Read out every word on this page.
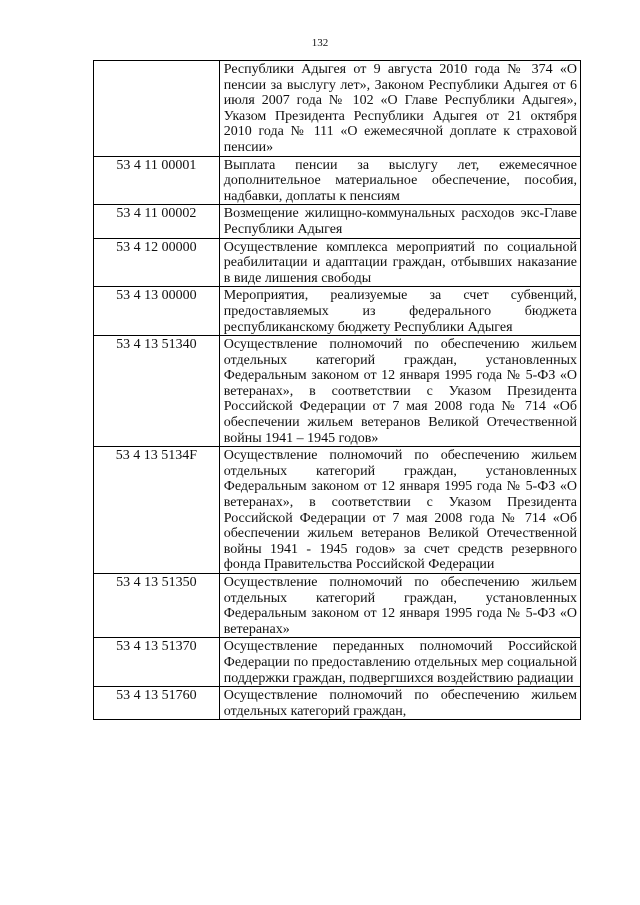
132
	Республики Адыгея от 9 августа 2010 года № 374 «О пенсии за выслугу лет», Законом Республики Адыгея от 6 июля 2007 года № 102 «О Главе Республики Адыгея», Указом Президента Республики Адыгея от 21 октября 2010 года № 111 «О ежемесячной доплате к страховой пенсии»
53 4 11 00001	Выплата пенсии за выслугу лет, ежемесячное дополнительное материальное обеспечение, пособия, надбавки, доплаты к пенсиям
53 4 11 00002	Возмещение жилищно-коммунальных расходов экс-Главе Республики Адыгея
53 4 12 00000	Осуществление комплекса мероприятий по социальной реабилитации и адаптации граждан, отбывших наказание в виде лишения свободы
53 4 13 00000	Мероприятия, реализуемые за счет субвенций, предоставляемых из федерального бюджета республиканскому бюджету Республики Адыгея
53 4 13 51340	Осуществление полномочий по обеспечению жильем отдельных категорий граждан, установленных Федеральным законом от 12 января 1995 года № 5-ФЗ «О ветеранах», в соответствии с Указом Президента Российской Федерации от 7 мая 2008 года № 714 «Об обеспечении жильем ветеранов Великой Отечественной войны 1941 – 1945 годов»
53 4 13 5134F	Осуществление полномочий по обеспечению жильем отдельных категорий граждан, установленных Федеральным законом от 12 января 1995 года № 5-ФЗ «О ветеранах», в соответствии с Указом Президента Российской Федерации от 7 мая 2008 года № 714 «Об обеспечении жильем ветеранов Великой Отечественной войны 1941 - 1945 годов» за счет средств резервного фонда Правительства Российской Федерации
53 4 13 51350	Осуществление полномочий по обеспечению жильем отдельных категорий граждан, установленных Федеральным законом от 12 января 1995 года № 5-ФЗ «О ветеранах»
53 4 13 51370	Осуществление переданных полномочий Российской Федерации по предоставлению отдельных мер социальной поддержки граждан, подвергшихся воздействию радиации
53 4 13 51760	Осуществление полномочий по обеспечению жильем отдельных категорий граждан,
